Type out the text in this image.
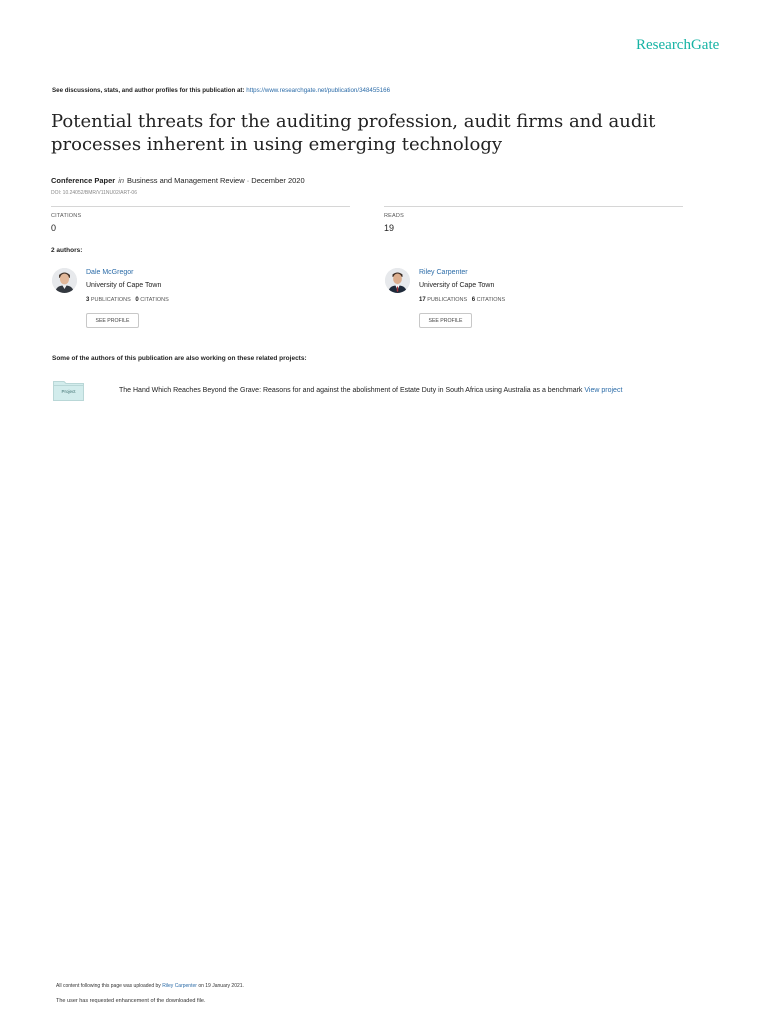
ResearchGate
See discussions, stats, and author profiles for this publication at: https://www.researchgate.net/publication/348455166
Potential threats for the auditing profession, audit firms and audit processes inherent in using emerging technology
Conference Paper in Business and Management Review · December 2020
DOI: 10.24052/BMR/V11NU02/ART-06
CITATIONS
0
READS
19
2 authors:
Dale McGregor
University of Cape Town
3 PUBLICATIONS 0 CITATIONS
SEE PROFILE
Riley Carpenter
University of Cape Town
17 PUBLICATIONS 6 CITATIONS
SEE PROFILE
Some of the authors of this publication are also working on these related projects:
Project	The Hand Which Reaches Beyond the Grave: Reasons for and against the abolishment of Estate Duty in South Africa using Australia as a benchmark View project
All content following this page was uploaded by Riley Carpenter on 19 January 2021.
The user has requested enhancement of the downloaded file.
